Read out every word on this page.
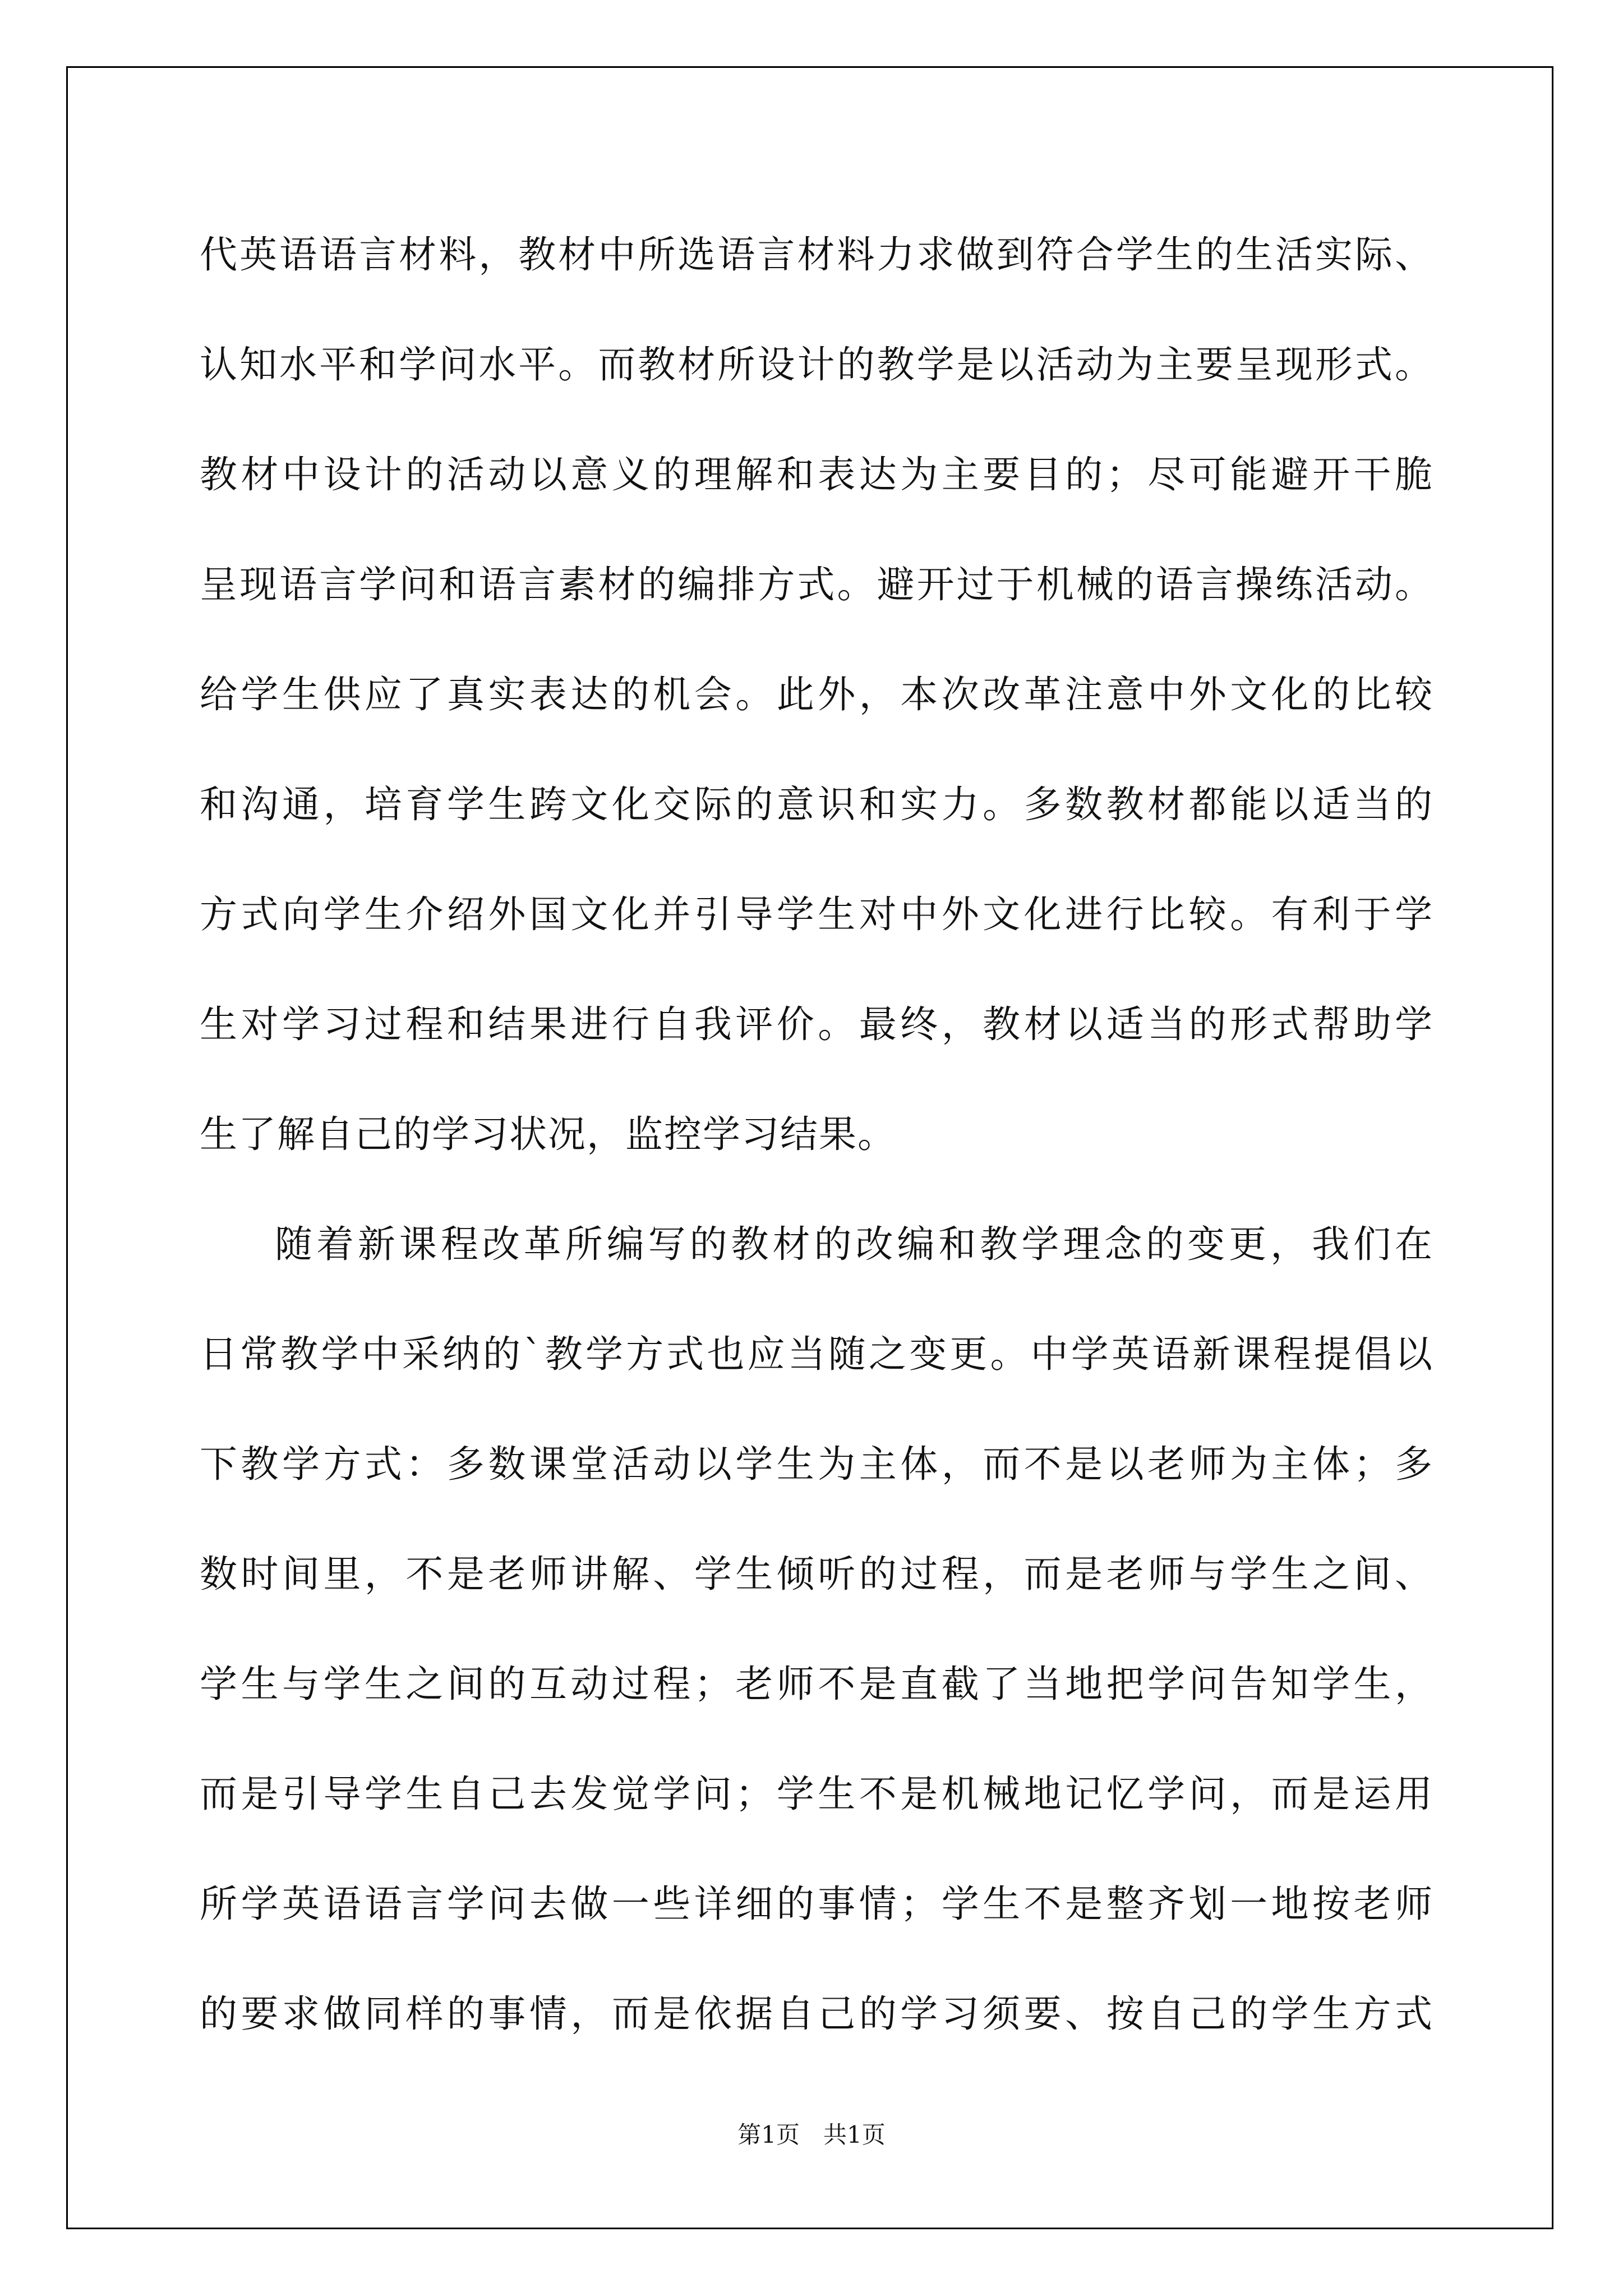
代英语语言材料，教材中所选语言材料力求做到符合学生的生活实际、
认知水平和学问水平。而教材所设计的教学是以活动为主要呈现形式。
教材中设计的活动以意义的理解和表达为主要目的；尽可能避开干脆
呈现语言学问和语言素材的编排方式。避开过于机械的语言操练活动。
给学生供应了真实表达的机会。此外，本次改革注意中外文化的比较
和沟通，培育学生跨文化交际的意识和实力。多数教材都能以适当的
方式向学生介绍外国文化并引导学生对中外文化进行比较。有利于学
生对学习过程和结果进行自我评价。最终，教材以适当的形式帮助学
生了解自己的学习状况，监控学习结果。
随着新课程改革所编写的教材的改编和教学理念的变更，我们在
日常教学中采纳的`教学方式也应当随之变更。中学英语新课程提倡以
下教学方式：多数课堂活动以学生为主体，而不是以老师为主体；多
数时间里，不是老师讲解、学生倾听的过程，而是老师与学生之间、
学生与学生之间的互动过程；老师不是直截了当地把学问告知学生，
而是引导学生自己去发觉学问；学生不是机械地记忆学问，而是运用
所学英语语言学问去做一些详细的事情；学生不是整齐划一地按老师
的要求做同样的事情，而是依据自己的学习须要、按自己的学生方式
第1页　共1页
